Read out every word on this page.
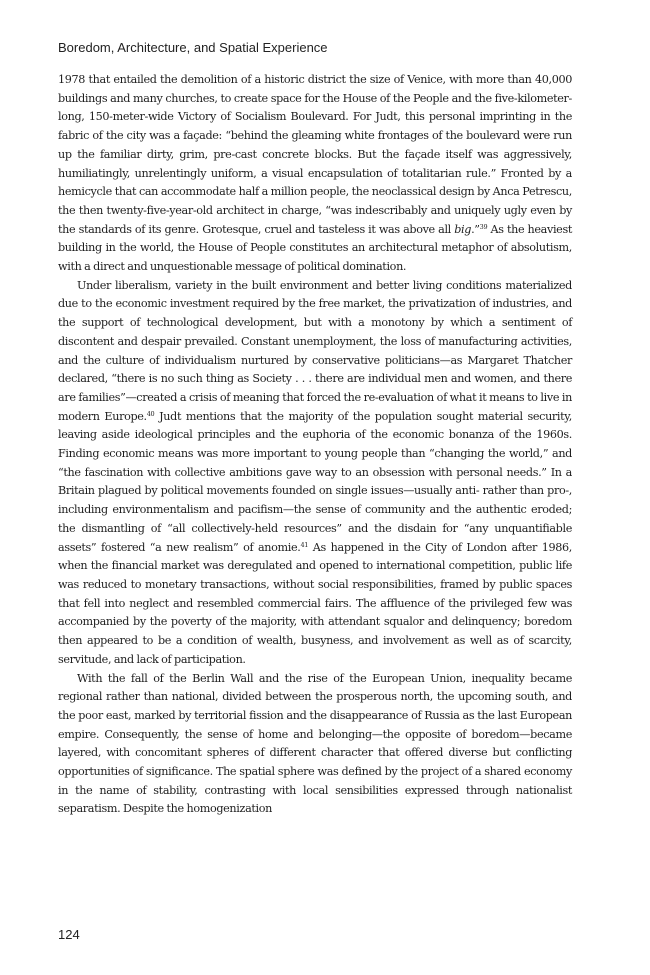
Boredom, Architecture, and Spatial Experience

1978 that entailed the demolition of a historic district the size of Venice, with more than 40,000 buildings and many churches, to create space for the House of the People and the five-kilometer-long, 150-meter-wide Victory of Socialism Boulevard. For Judt, this personal imprinting in the fabric of the city was a façade: “behind the gleaming white frontages of the boulevard were run up the familiar dirty, grim, pre-cast concrete blocks. But the façade itself was aggressively, humiliatingly, unrelentingly uniform, a visual encapsulation of totalitarian rule.” Fronted by a hemicycle that can accommodate half a million people, the neoclassical design by Anca Petrescu, the then twenty-five-year-old architect in charge, “was indescribably and uniquely ugly even by the standards of its genre. Grotesque, cruel and tasteless it was above all big.”$^{39}$ As the heaviest building in the world, the House of People constitutes an architectural metaphor of absolutism, with a direct and unquestionable message of political domination.

Under liberalism, variety in the built environment and better living conditions materialized due to the economic investment required by the free market, the privatization of industries, and the support of technological development, but with a monotony by which a sentiment of discontent and despair prevailed. Constant unemployment, the loss of manufacturing activities, and the culture of individualism nurtured by conservative politicians—as Margaret Thatcher declared, “there is no such thing as Society . . . there are individual men and women, and there are families”—created a crisis of meaning that forced the re-evaluation of what it means to live in modern Europe.$^{40}$ Judt mentions that the majority of the population sought material security, leaving aside ideological principles and the euphoria of the economic bonanza of the 1960s. Finding economic means was more important to young people than “changing the world,” and “the fascination with collective ambitions gave way to an obsession with personal needs.” In a Britain plagued by political movements founded on single issues—usually anti- rather than pro-, including environmentalism and pacifism—the sense of community and the authentic eroded; the dismantling of “all collectively-held resources” and the disdain for “any unquantifiable assets” fostered “a new realism” of anomie.$^{41}$ As happened in the City of London after 1986, when the financial market was deregulated and opened to international competition, public life was reduced to monetary transactions, without social responsibilities, framed by public spaces that fell into neglect and resembled commercial fairs. The affluence of the privileged few was accompanied by the poverty of the majority, with attendant squalor and delinquency; boredom then appeared to be a condition of wealth, busyness, and involvement as well as of scarcity, servitude, and lack of participation.

With the fall of the Berlin Wall and the rise of the European Union, inequality became regional rather than national, divided between the prosperous north, the upcoming south, and the poor east, marked by territorial fission and the disappearance of Russia as the last European empire. Consequently, the sense of home and belonging—the opposite of boredom—became layered, with concomitant spheres of different character that offered diverse but conflicting opportunities of significance. The spatial sphere was defined by the project of a shared economy in the name of stability, contrasting with local sensibilities expressed through nationalist separatism. Despite the homogenization

124
